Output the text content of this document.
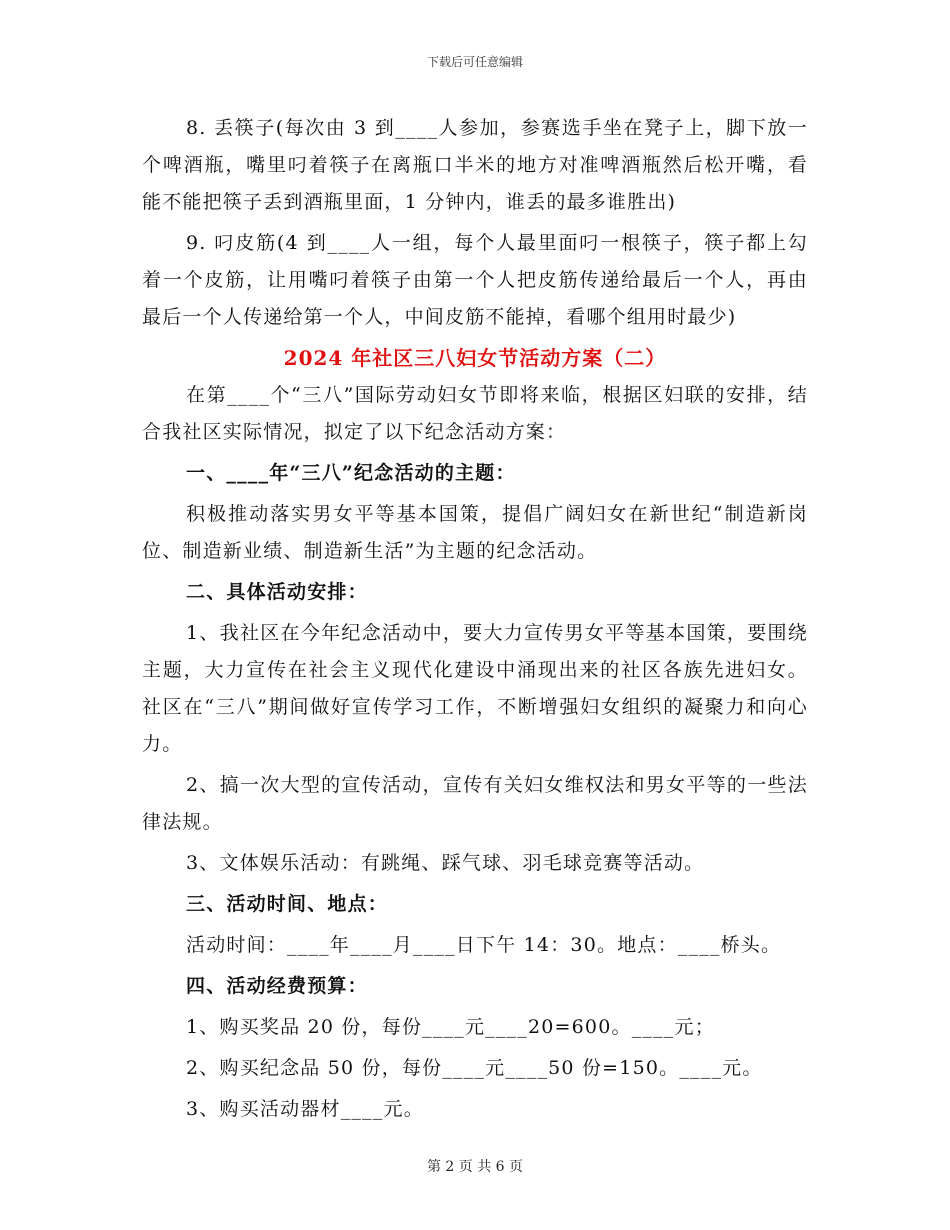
下载后可任意编辑

8. 丢筷子(每次由 3 到____人参加，参赛选手坐在凳子上，脚下放一个啤酒瓶，嘴里叼着筷子在离瓶口半米的地方对准啤酒瓶然后松开嘴，看能不能把筷子丢到酒瓶里面，1 分钟内，谁丢的最多谁胜出)

9. 叼皮筋(4 到____人一组，每个人最里面叼一根筷子，筷子都上勾着一个皮筋，让用嘴叼着筷子由第一个人把皮筋传递给最后一个人，再由最后一个人传递给第一个人，中间皮筋不能掉，看哪个组用时最少)

2024 年社区三八妇女节活动方案（二）

在第____个“三八”国际劳动妇女节即将来临，根据区妇联的安排，结合我社区实际情况，拟定了以下纪念活动方案：

一、____年“三八”纪念活动的主题：

积极推动落实男女平等基本国策，提倡广阔妇女在新世纪“制造新岗位、制造新业绩、制造新生活”为主题的纪念活动。

二、具体活动安排：

1、我社区在今年纪念活动中，要大力宣传男女平等基本国策，要围绕主题，大力宣传在社会主义现代化建设中涌现出来的社区各族先进妇女。社区在“三八”期间做好宣传学习工作，不断增强妇女组织的凝聚力和向心力。

2、搞一次大型的宣传活动，宣传有关妇女维权法和男女平等的一些法律法规。

3、文体娱乐活动：有跳绳、踩气球、羽毛球竞赛等活动。

三、活动时间、地点：

活动时间：____年____月____日下午 14：30。地点：____桥头。

四、活动经费预算：

1、购买奖品 20 份，每份____元____20=600。____元；

2、购买纪念品 50 份，每份____元____50 份=150。____元。

3、购买活动器材____元。

第 2 页 共 6 页
